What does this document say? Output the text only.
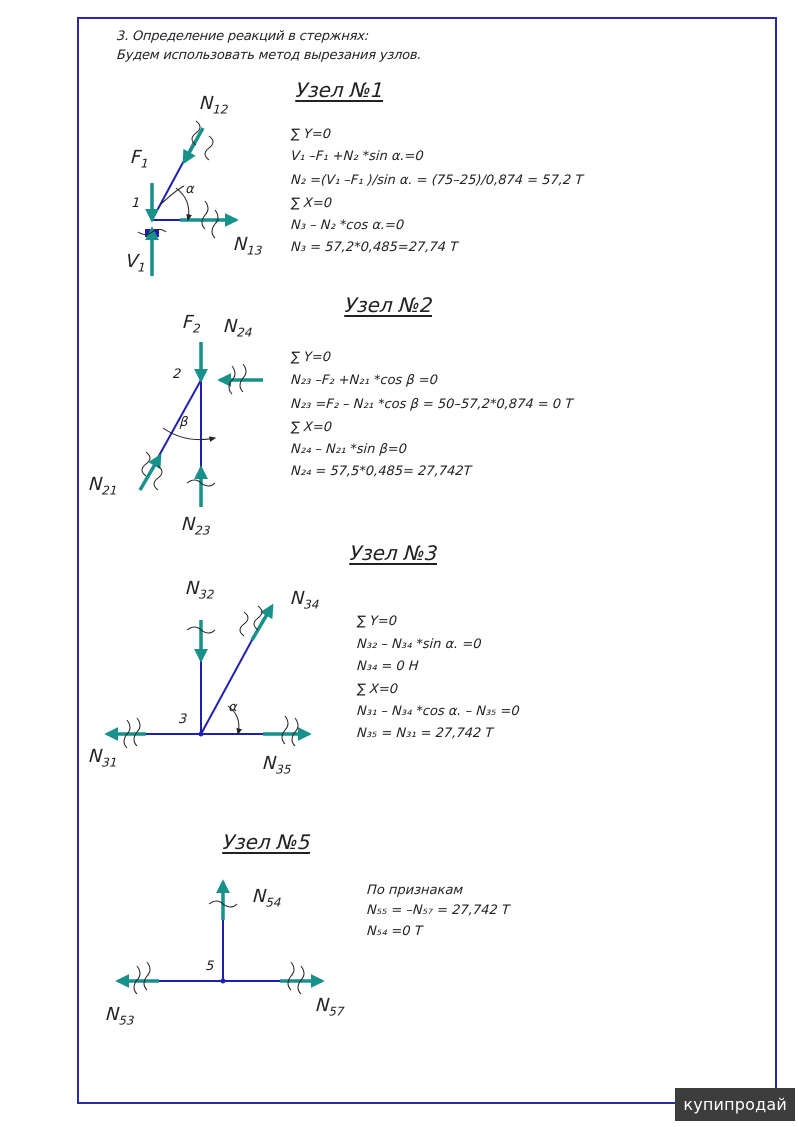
3. Определение реакций в стержнях:
Будем использовать метод вырезания узлов.
Узел №1
∑ Y=0
V₁ –F₁ +N₂ *sin α.=0
N₂ =(V₁ –F₁ )/sin α. = (75–25)/0,874 = 57,2 T
∑ X=0
N₃ – N₂ *cos α.=0
N₃ = 57,2*0,485=27,74 T
$F_1$
$N_{12}$
$N_{13}$
$V_1$
1
α
Узел №2
∑ Y=0
N₂₃ –F₂ +N₂₁ *cos β =0
N₂₃ =F₂ – N₂₁ *cos β = 50–57,2*0,874 = 0 T
∑ X=0
N₂₄ – N₂₁ *sin β=0
N₂₄ = 57,5*0,485= 27,742T
$F_2$ $N_{24}$
$N_{21}$
$N_{23}$
2
β
Узел №3
∑ Y=0
N₃₂ – N₃₄ *sin α. =0
N₃₄ = 0 H
∑ X=0
N₃₁ – N₃₄ *cos α. – N₃₅ =0
N₃₅ = N₃₁ = 27,742 T
$N_{32}$	$N_{34}$
$N_{31}$	$N_{35}$
3
α
Узел №5
По признакам
N₅₅ = –N₅₇ = 27,742 T
N₅₄ =0 T
$N_{54}$
$N_{53}$
$N_{57}$
5
купипродай
